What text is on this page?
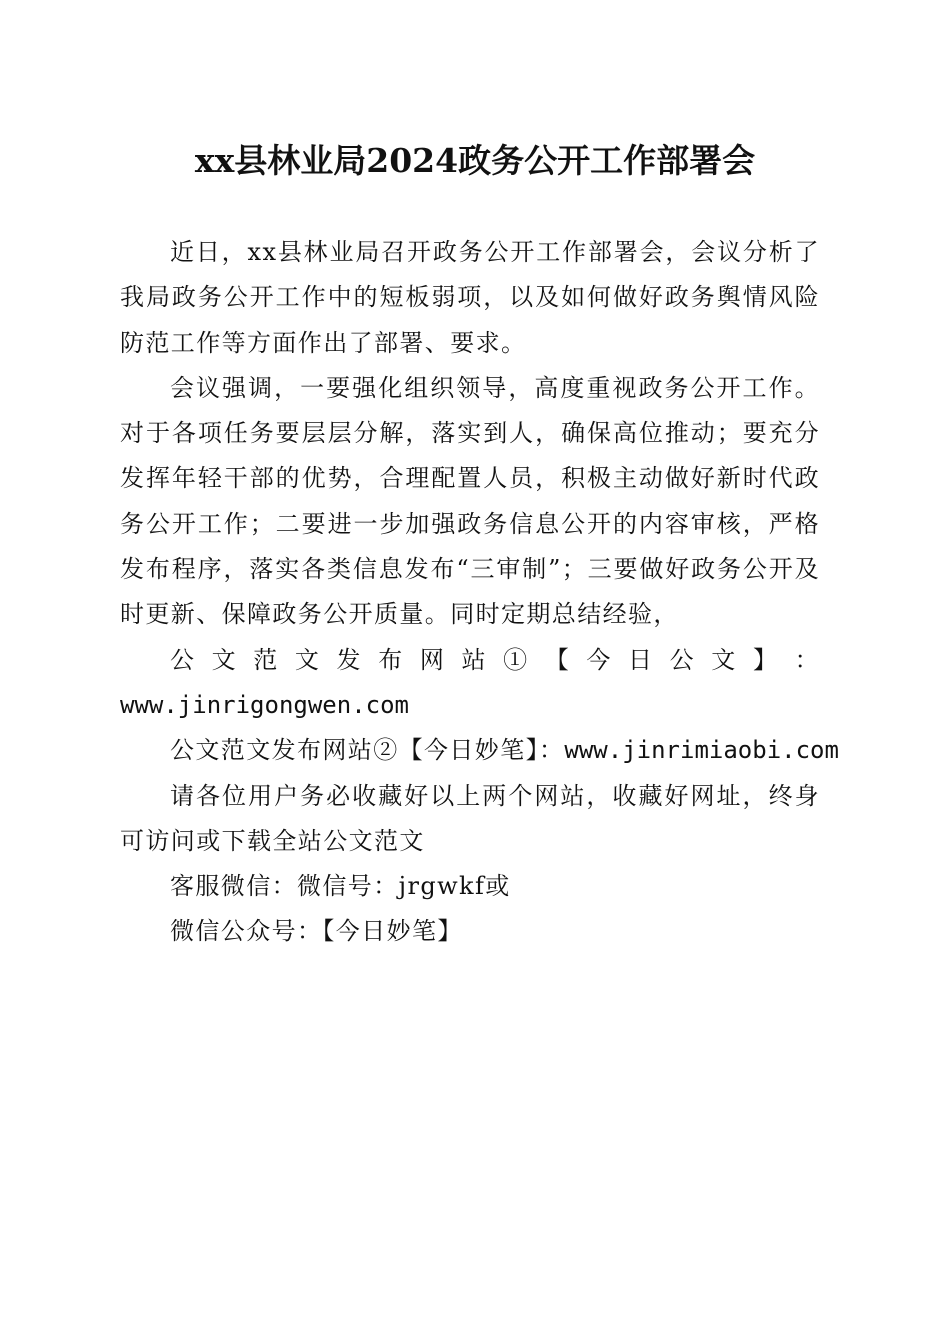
xx县林业局2024政务公开工作部署会

近日，xx县林业局召开政务公开工作部署会，会议分析了我局政务公开工作中的短板弱项，以及如何做好政务舆情风险防范工作等方面作出了部署、要求。

会议强调，一要强化组织领导，高度重视政务公开工作。对于各项任务要层层分解，落实到人，确保高位推动；要充分发挥年轻干部的优势，合理配置人员，积极主动做好新时代政务公开工作；二要进一步加强政务信息公开的内容审核，严格发布程序，落实各类信息发布“三审制”；三要做好政务公开及时更新、保障政务公开质量。同时定期总结经验，

公 文 范 文 发 布 网 站 ① 【 今 日 公 文 】 ：

www.jinrigongwen.com

公文范文发布网站②【今日妙笔】：www.jinrimiaobi.com

请各位用户务必收藏好以上两个网站，收藏好网址，终身可访问或下载全站公文范文

客服微信：微信号：jrgwkf或

微信公众号：【今日妙笔】
